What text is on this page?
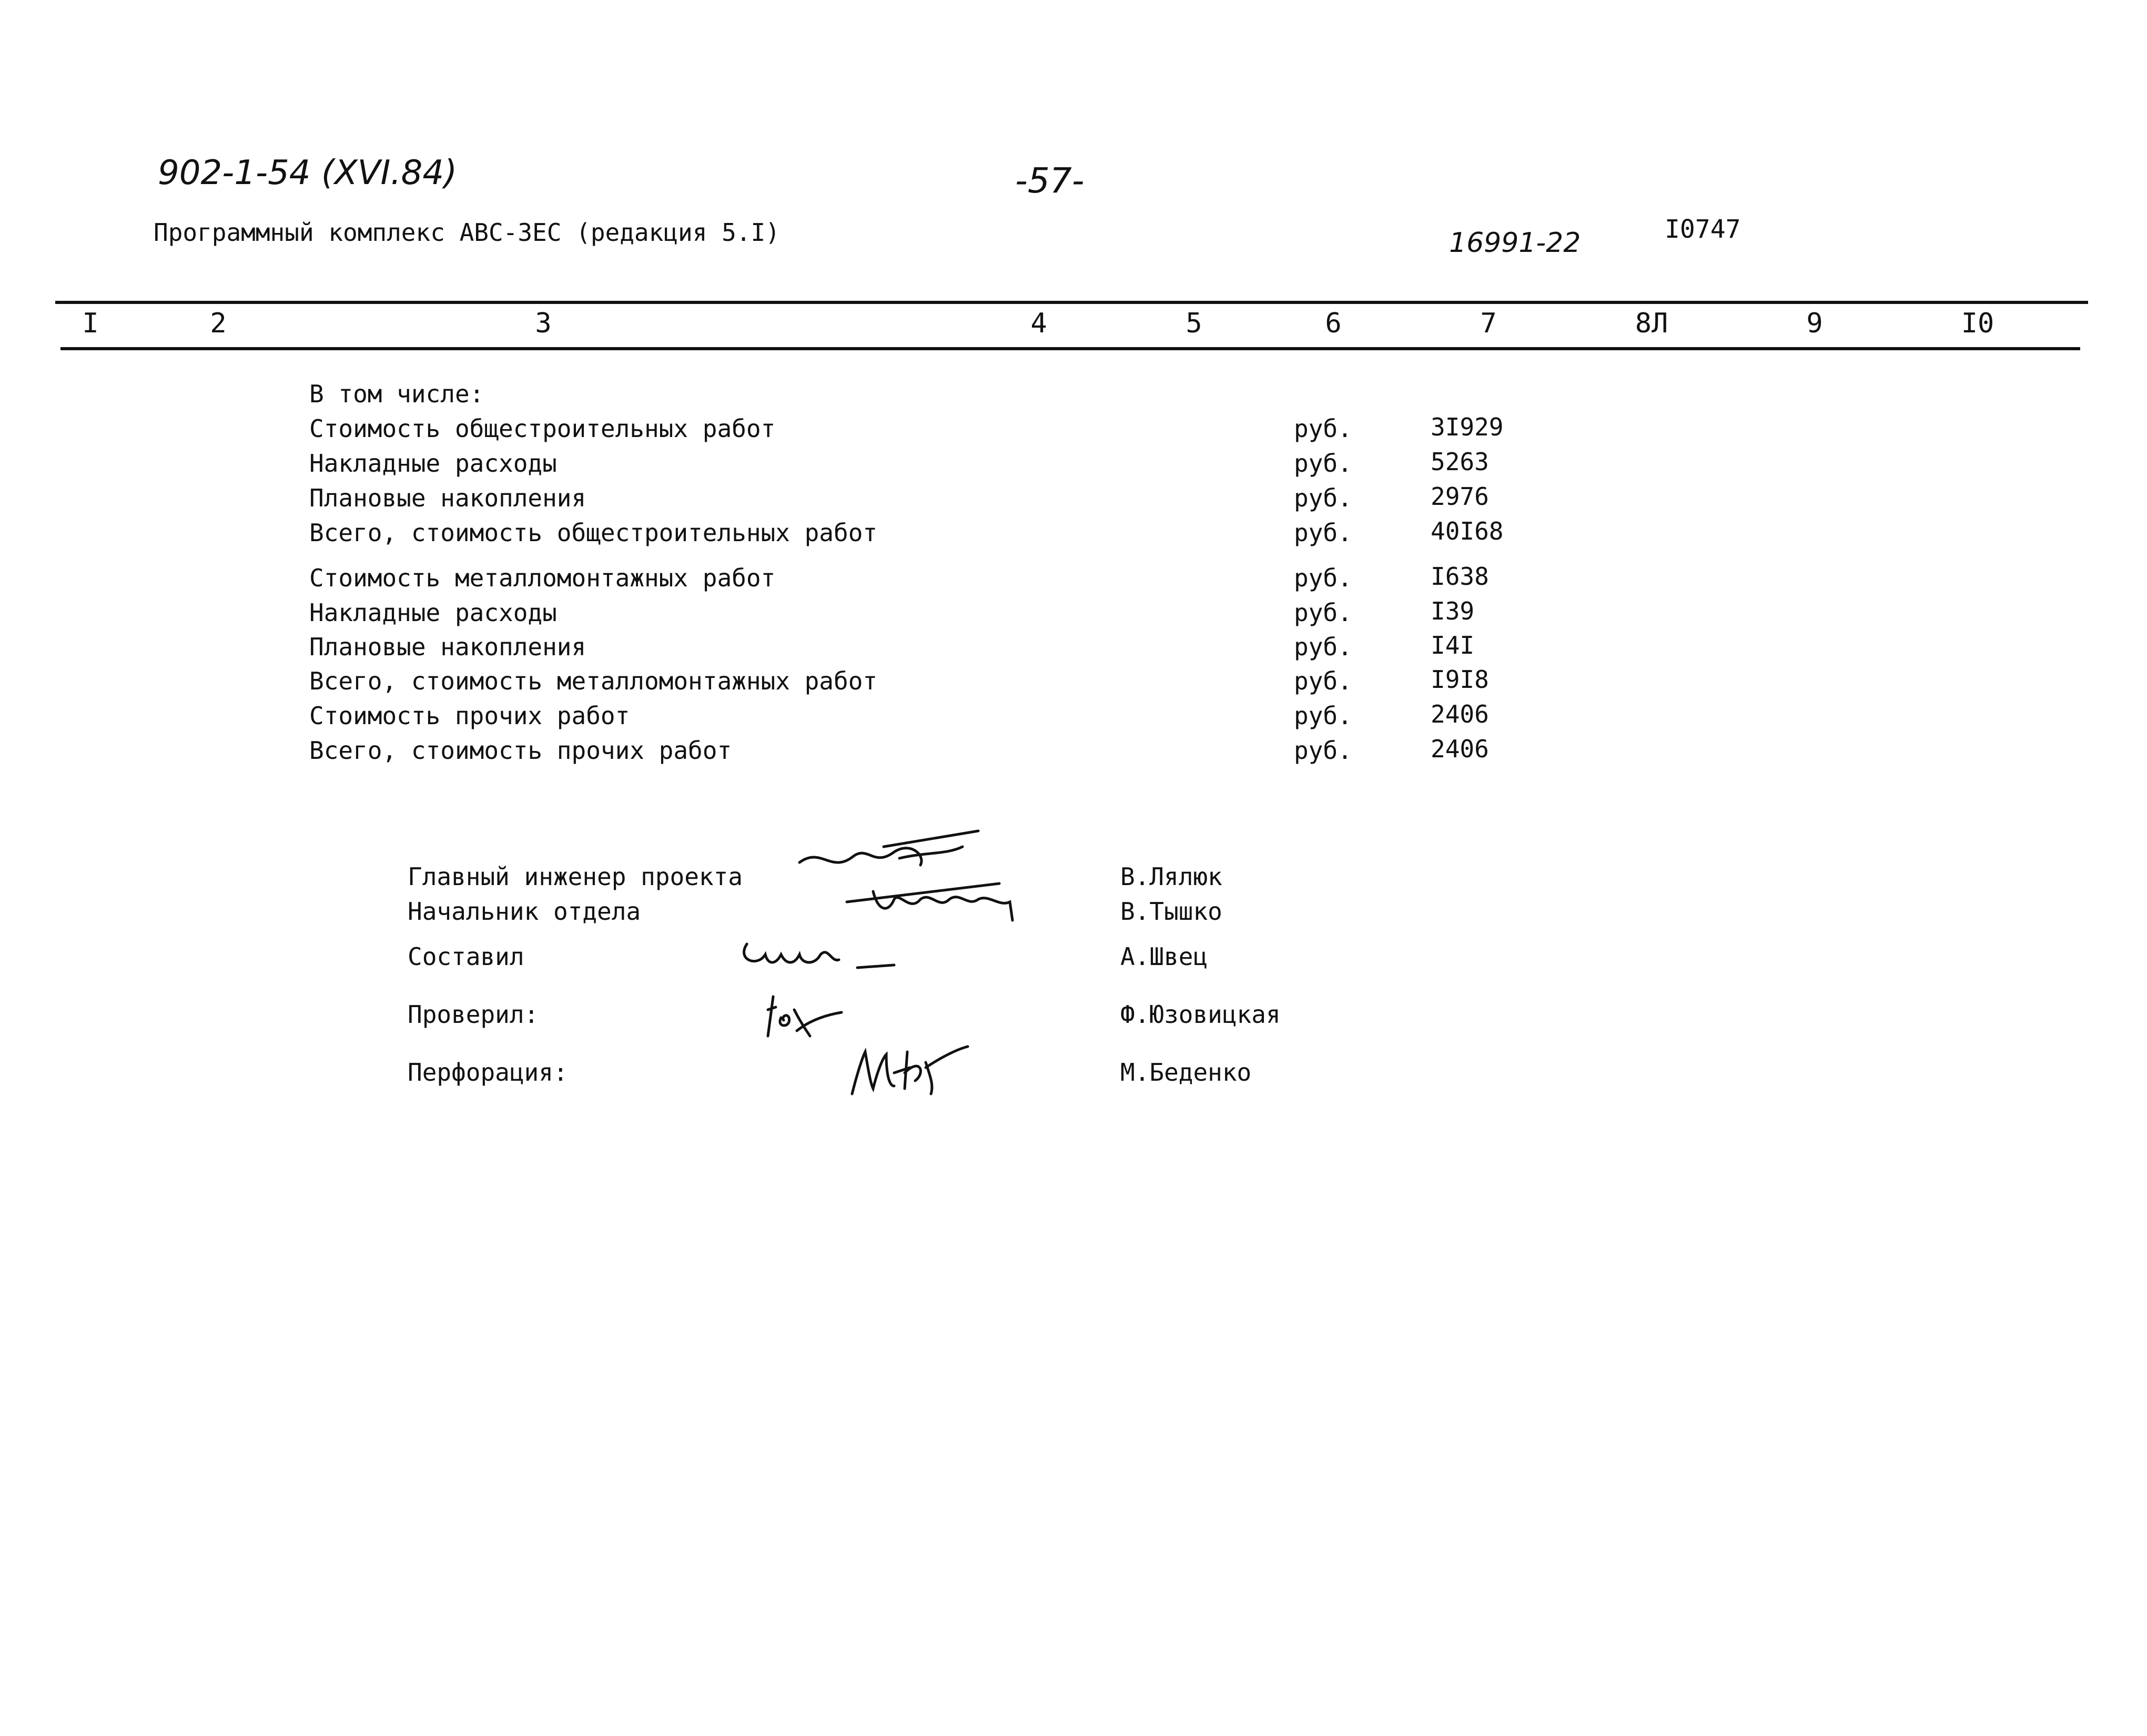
902-1-54 (XVI.84)	-57-
Программный комплекс АВС-3ЕС (редакция 5.I)	16991-22	I0747
I	2	3	4	5	6	7	8Л	9	I0
В том числе:
Стоимость общестроительных работ	руб.	3I929
Накладные расходы	руб.	5263
Плановые накопления	руб.	2976
Всего, стоимость общестроительных работ	руб.	40I68
Стоимость металломонтажных работ	руб.	I638
Накладные расходы	руб.	I39
Плановые накопления	руб.	I4I
Всего, стоимость металломонтажных работ	руб.	I9I8
Стоимость прочих работ	руб.	2406
Всего, стоимость прочих работ	руб.	2406
Главный инженер проекта	В.Лялюк
Начальник отдела	В.Тышко
Составил	А.Швец
Проверил:	Ф.Юзовицкая
Перфорация:	М.Беденко
